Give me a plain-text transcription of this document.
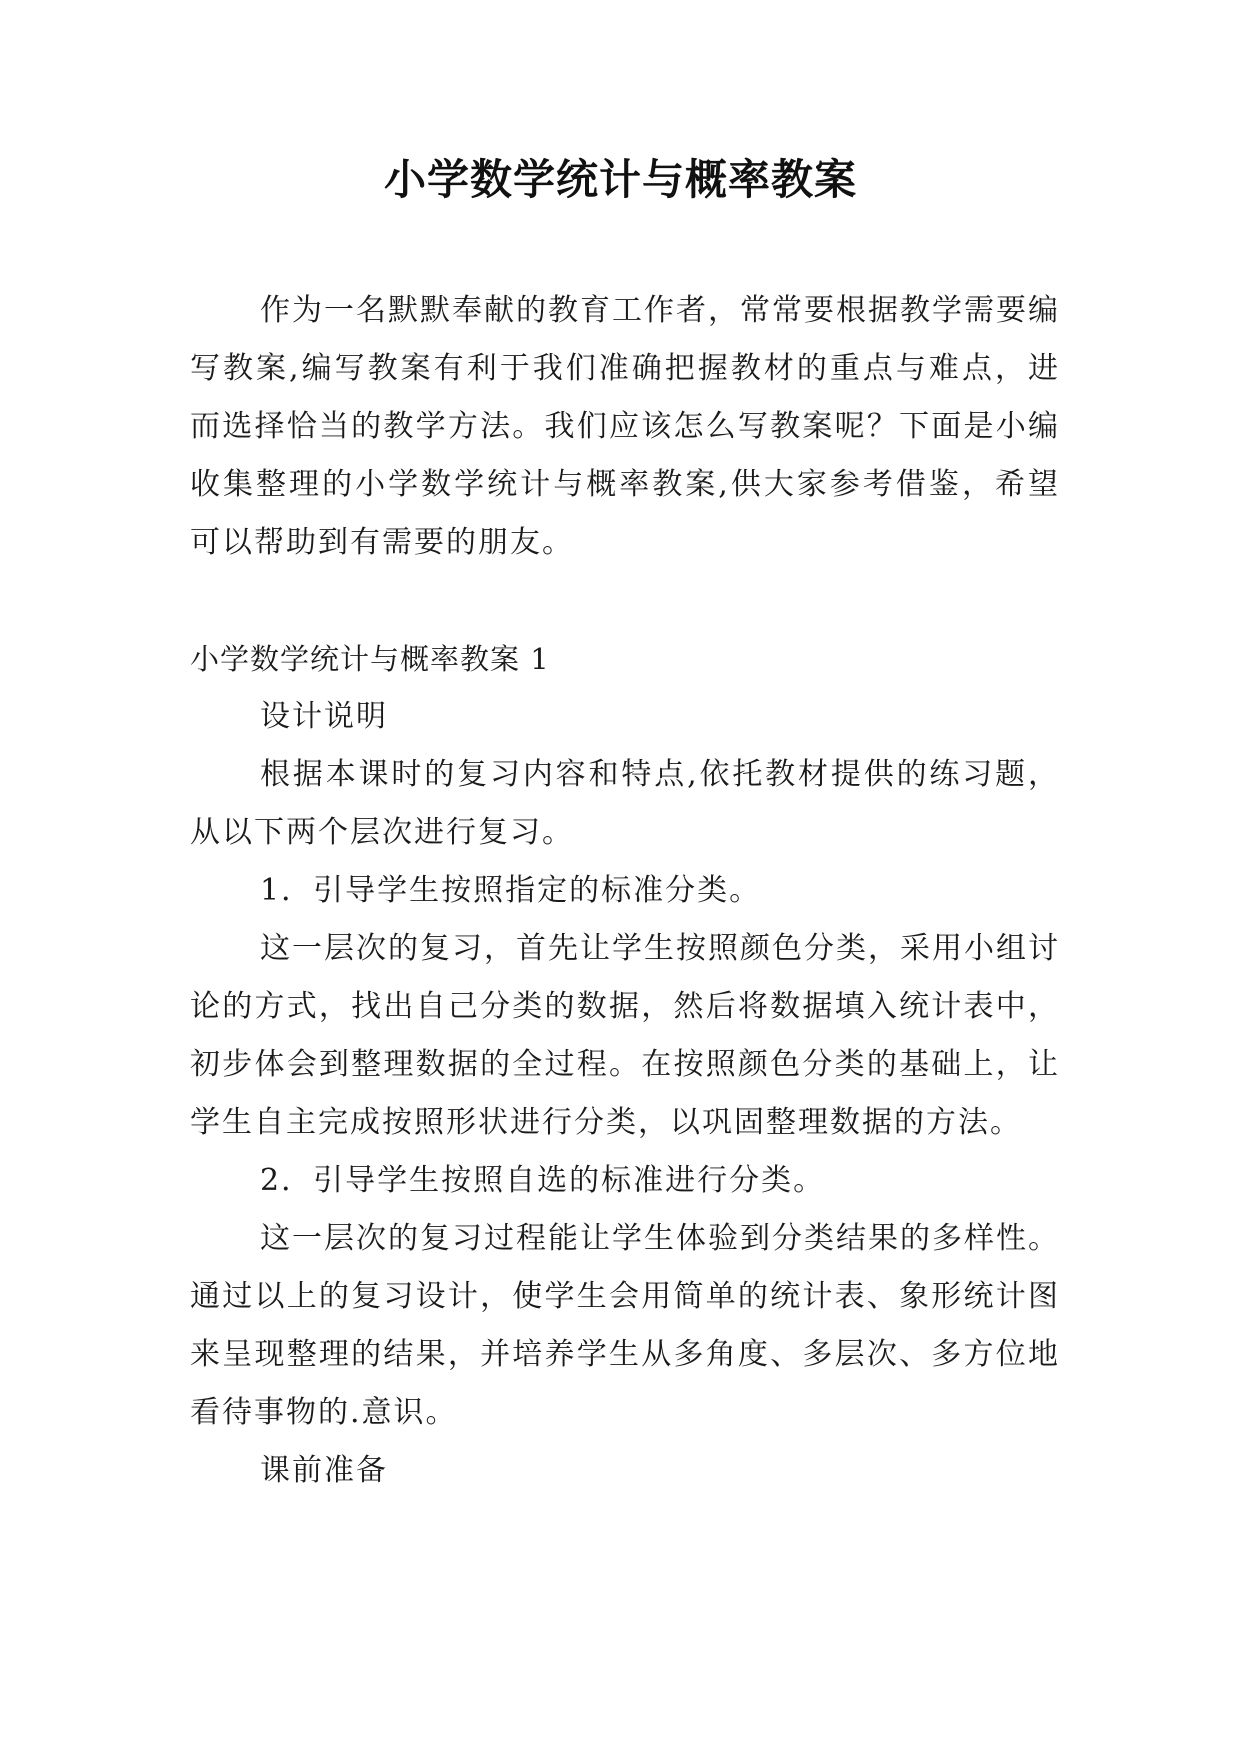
小学数学统计与概率教案

作为一名默默奉献的教育工作者，常常要根据教学需要编写教案,编写教案有利于我们准确把握教材的重点与难点，进而选择恰当的教学方法。我们应该怎么写教案呢？下面是小编收集整理的小学数学统计与概率教案,供大家参考借鉴，希望可以帮助到有需要的朋友。

小学数学统计与概率教案 1

设计说明

根据本课时的复习内容和特点,依托教材提供的练习题，从以下两个层次进行复习。

1．引导学生按照指定的标准分类。

这一层次的复习，首先让学生按照颜色分类，采用小组讨论的方式，找出自己分类的数据，然后将数据填入统计表中，初步体会到整理数据的全过程。在按照颜色分类的基础上，让学生自主完成按照形状进行分类，以巩固整理数据的方法。

2．引导学生按照自选的标准进行分类。

这一层次的复习过程能让学生体验到分类结果的多样性。通过以上的复习设计，使学生会用简单的统计表、象形统计图来呈现整理的结果，并培养学生从多角度、多层次、多方位地看待事物的.意识。

课前准备
